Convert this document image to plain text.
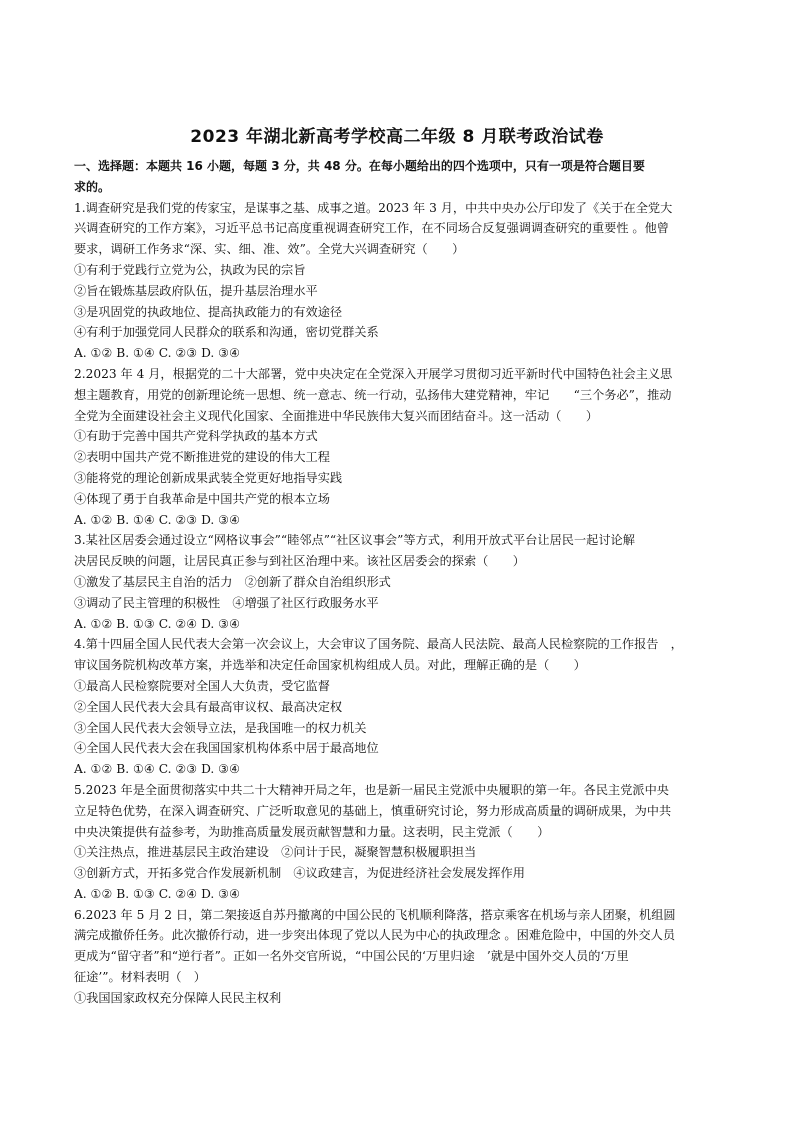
2023 年湖北新高考学校高二年级 8 月联考政治试卷
一、选择题：本题共 16 小题，每题 3 分，共 48 分。在每小题给出的四个选项中，只有一项是符合题目要
求的。
1.调查研究是我们党的传家宝，是谋事之基、成事之道。2023 年 3 月，中共中央办公厅印发了《关于在全党大
兴调查研究的工作方案》，习近平总书记高度重视调查研究工作，在不同场合反复强调调查研究的重要性 。他曾
要求，调研工作务求“深、实、细、准、效”。全党大兴调查研究（　　）
①有利于党践行立党为公，执政为民的宗旨
②旨在锻炼基层政府队伍，提升基层治理水平
③是巩固党的执政地位、提高执政能力的有效途径
④有利于加强党同人民群众的联系和沟通，密切党群关系
A. ①② B. ①④ C. ②③ D. ③④
2.2023 年 4 月，根据党的二十大部署，党中央决定在全党深入开展学习贯彻习近平新时代中国特色社会主义思
想主题教育，用党的创新理论统一思想、统一意志、统一行动，弘扬伟大建党精神，牢记　　“三个务必”，推动
全党为全面建设社会主义现代化国家、全面推进中华民族伟大复兴而团结奋斗。这一活动（　　）
①有助于完善中国共产党科学执政的基本方式
②表明中国共产党不断推进党的建设的伟大工程
③能将党的理论创新成果武装全党更好地指导实践
④体现了勇于自我革命是中国共产党的根本立场
A. ①② B. ①④ C. ②③ D. ③④
3.某社区居委会通过设立“网格议事会”“睦邻点”“社区议事会”等方式，利用开放式平台让居民一起讨论解
决居民反映的问题，让居民真正参与到社区治理中来。该社区居委会的探索（　　）
①激发了基层民主自治的活力　②创新了群众自治组织形式
③调动了民主管理的积极性　④增强了社区行政服务水平
A. ①② B. ①③ C. ②④ D. ③④
4.第十四届全国人民代表大会第一次会议上，大会审议了国务院、最高人民法院、最高人民检察院的工作报告　，
审议国务院机构改革方案，并选举和决定任命国家机构组成人员。对此，理解正确的是（　　）
①最高人民检察院要对全国人大负责，受它监督
②全国人民代表大会具有最高审议权、最高决定权
③全国人民代表大会领导立法，是我国唯一的权力机关
④全国人民代表大会在我国国家机构体系中居于最高地位
A. ①② B. ①④ C. ②③ D. ③④
5.2023 年是全面贯彻落实中共二十大精神开局之年，也是新一届民主党派中央履职的第一年。各民主党派中央
立足特色优势，在深入调查研究、广泛听取意见的基础上，慎重研究讨论，努力形成高质量的调研成果，为中共
中央决策提供有益参考，为助推高质量发展贡献智慧和力量。这表明，民主党派（　　）
①关注热点，推进基层民主政治建设　②问计于民，凝聚智慧积极履职担当
③创新方式，开拓多党合作发展新机制　④议政建言，为促进经济社会发展发挥作用
A. ①② B. ①③ C. ②④ D. ③④
6.2023 年 5 月 2 日，第二架接返自苏丹撤离的中国公民的飞机顺利降落，搭京乘客在机场与亲人团聚，机组圆
满完成撤侨任务。此次撤侨行动，进一步突出体现了党以人民为中心的执政理念 。困难危险中，中国的外交人员
更成为“留守者”和“逆行者”。正如一名外交官所说，“中国公民的‘万里归途　’就是中国外交人员的‘万里
征途’”。材料表明（　）
①我国国家政权充分保障人民民主权利
